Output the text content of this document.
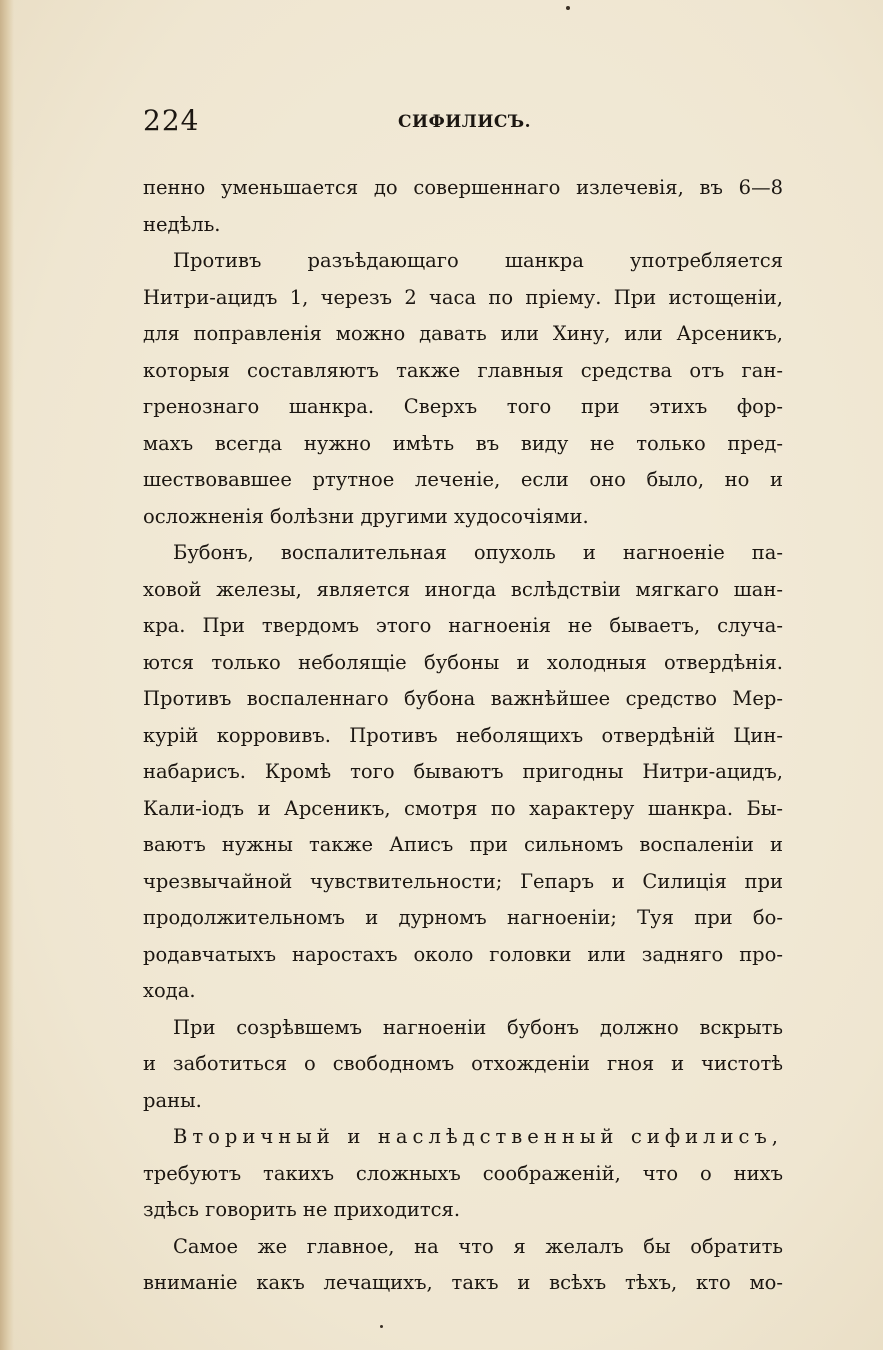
224	СИФИЛИСЪ.
пенно уменьшается до совершеннаго излечевія, въ 6—8
недѣль.
Противъ разъѣдающаго шанкра употребляется
Нитри-ацидъ 1, черезъ 2 часа по пріему. При истощеніи,
для поправленія можно давать или Хину, или Арсеникъ,
которыя составляютъ также главныя средства отъ ган-
гренознаго шанкра. Сверхъ того при этихъ фор-
махъ всегда нужно имѣть въ виду не только пред-
шествовавшее ртутное леченіе, если оно было, но и
осложненія болѣзни другими худосочіями.
Бубонъ, воспалительная опухоль и нагноеніе па-
ховой железы, является иногда вслѣдствіи мягкаго шан-
кра. При твердомъ этого нагноенія не бываетъ, случа-
ются только неболящіе бубоны и холодныя отвердѣнія.
Противъ воспаленнаго бубона важнѣйшее средство Мер-
курій корровивъ. Противъ неболящихъ отвердѣній Цин-
набарисъ. Кромѣ того бываютъ пригодны Нитри-ацидъ,
Кали-іодъ и Арсеникъ, смотря по характеру шанкра. Бы-
ваютъ нужны также Аписъ при сильномъ воспаленіи и
чрезвычайной чувствительности; Гепаръ и Силиція при
продолжительномъ и дурномъ нагноеніи; Туя при бо-
родавчатыхъ наростахъ около головки или задняго про-
хода.
При созрѣвшемъ нагноеніи бубонъ должно вскрыть
и заботиться о свободномъ отхожденіи гноя и чистотѣ
раны.
Вторичный и наслѣдственный сифилисъ,
требуютъ такихъ сложныхъ соображеній, что о нихъ
здѣсь говорить не приходится.
Самое же главное, на что я желалъ бы обратить
вниманіе какъ лечащихъ, такъ и всѣхъ тѣхъ, кто мо-
